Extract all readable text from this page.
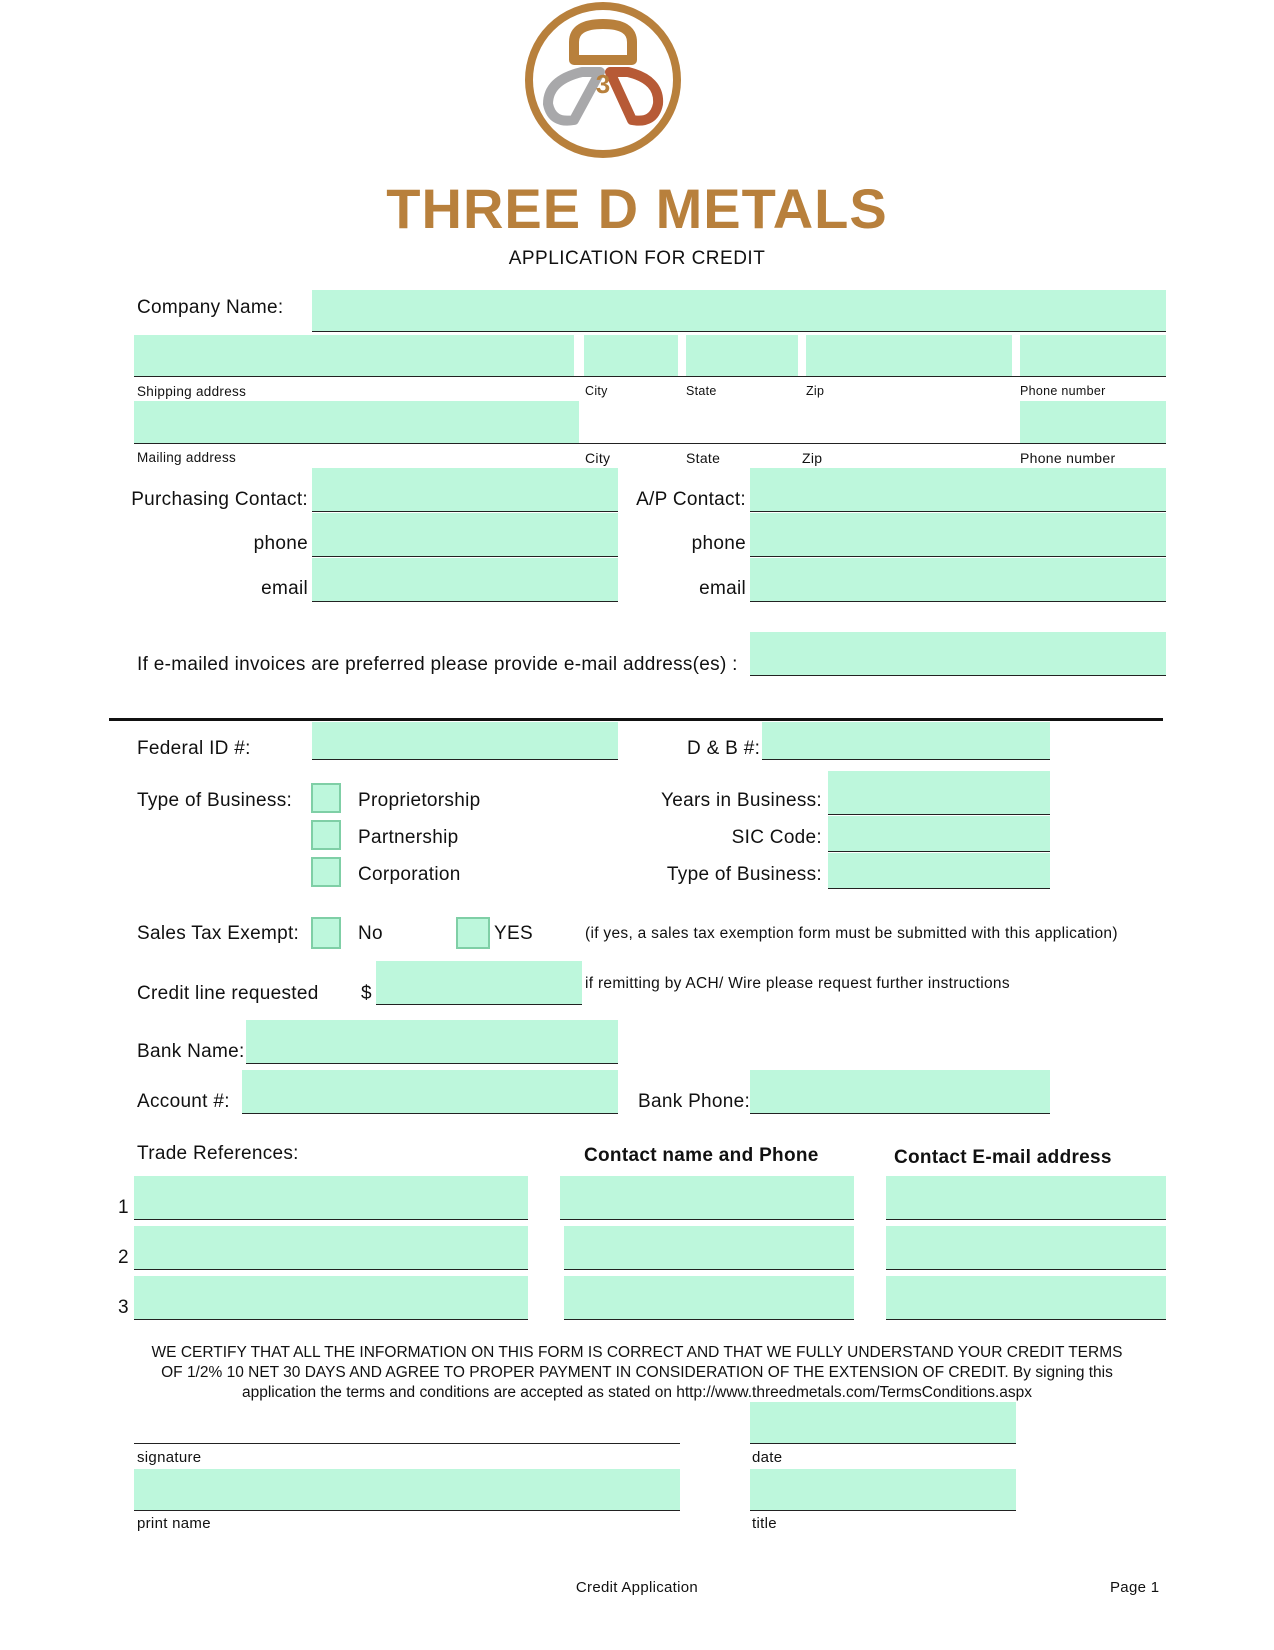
3
THREE D METALS
APPLICATION FOR CREDIT
Company Name:
Shipping address	City	State	Zip	Phone number
Mailing address	City	State	Zip	Phone number
Purchasing Contact:	A/P Contact:
phone	phone
email	email
If e-mailed invoices are preferred please provide e-mail address(es) :
Federal ID #:	D & B #:
Type of Business:	Proprietorship
Partnership
Corporation
Years in Business:
SIC Code:
Type of Business:
Sales Tax Exempt:	No	YES	(if yes, a sales tax exemption form must be submitted with this application)
Credit line requested $	if remitting by ACH/ Wire please request further instructions
Bank Name:
Account #:	Bank Phone:
Trade References:	Contact name and Phone	Contact E-mail address
1
2
3
WE CERTIFY THAT ALL THE INFORMATION ON THIS FORM IS CORRECT AND THAT WE FULLY UNDERSTAND YOUR CREDIT TERMS
OF 1/2% 10 NET 30 DAYS AND AGREE TO PROPER PAYMENT IN CONSIDERATION OF THE EXTENSION OF CREDIT. By signing this
application the terms and conditions are accepted as stated on http://www.threedmetals.com/TermsConditions.aspx
signature	date
print name	title
Credit Application	Page 1
